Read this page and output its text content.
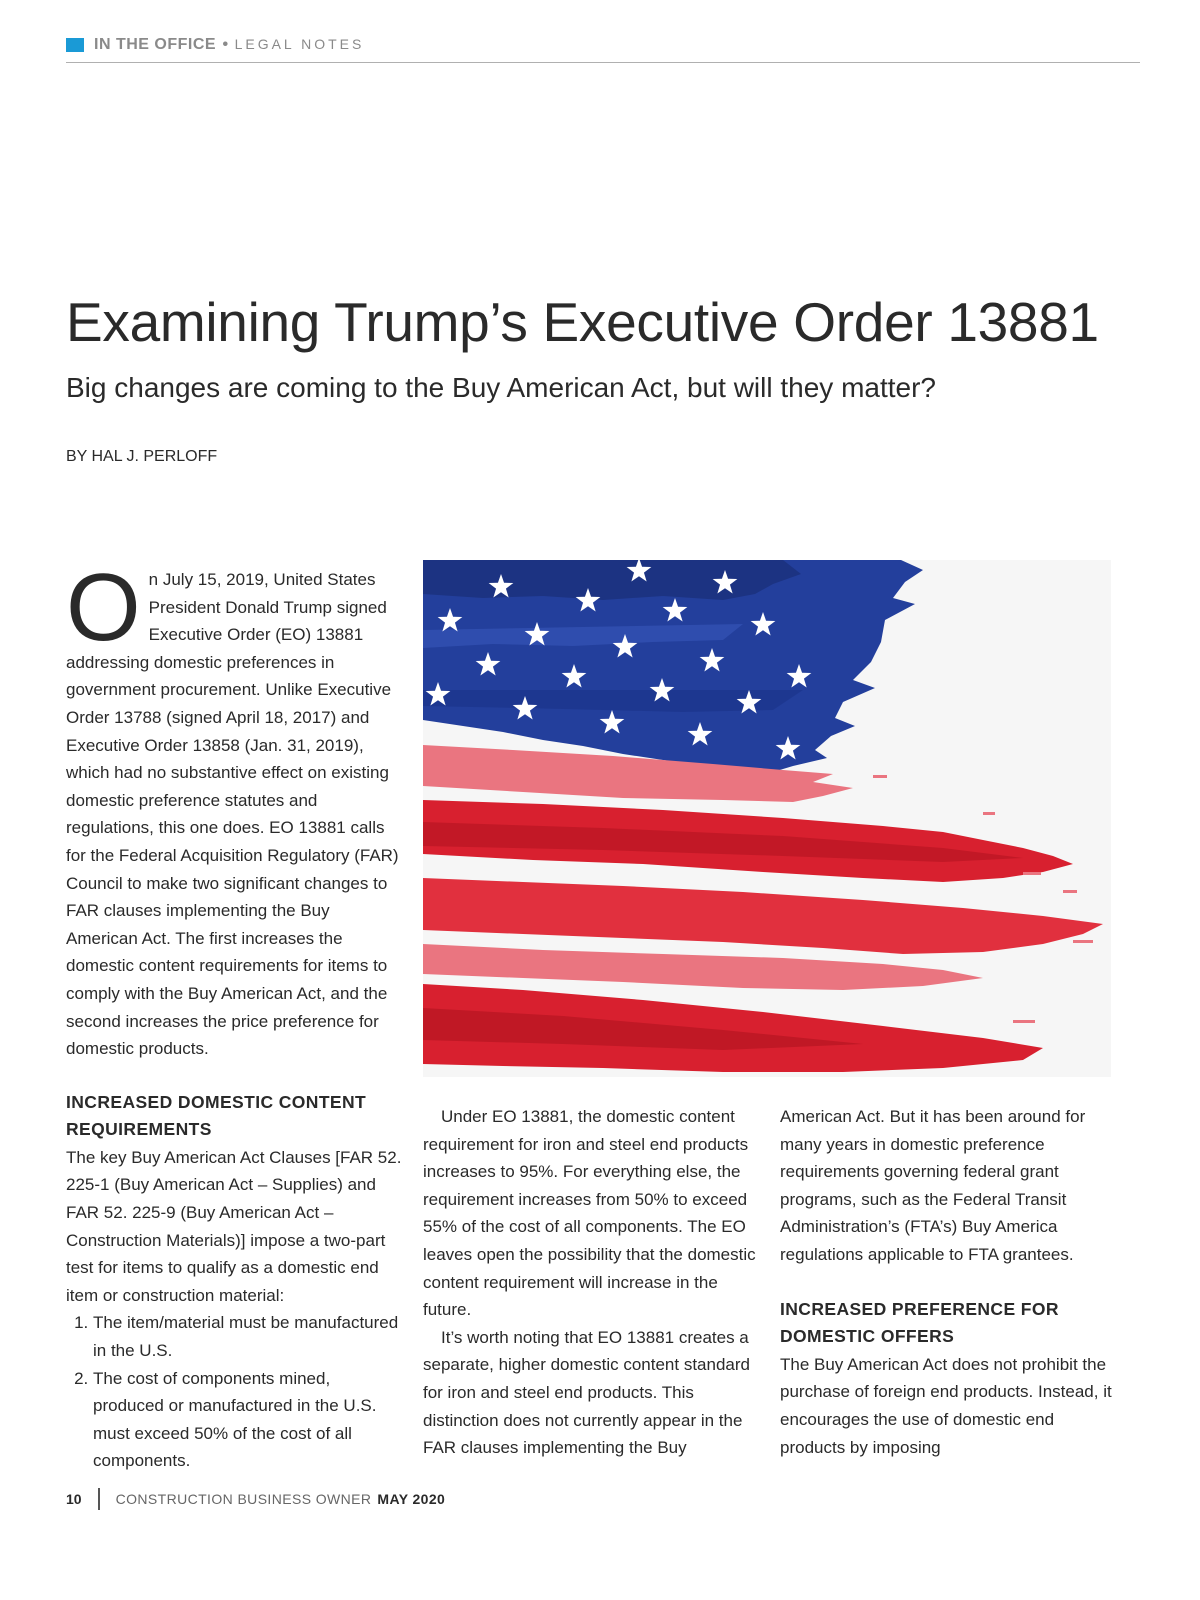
IN THE OFFICE • LEGAL NOTES
Examining Trump’s Executive Order 13881
Big changes are coming to the Buy American Act, but will they matter?
BY HAL J. PERLOFF

On July 15, 2019, United States President Donald Trump signed Executive Order (EO) 13881 addressing domestic preferences in government procurement. Unlike Executive Order 13788 (signed April 18, 2017) and Executive Order 13858 (Jan. 31, 2019), which had no substantive effect on existing domestic preference statutes and regulations, this one does. EO 13881 calls for the Federal Acquisition Regulatory (FAR) Council to make two significant changes to FAR clauses implementing the Buy American Act. The first increases the domestic content requirements for items to comply with the Buy American Act, and the second increases the price preference for domestic products.

INCREASED DOMESTIC CONTENT REQUIREMENTS

The key Buy American Act Clauses [FAR 52. 225-1 (Buy American Act – Supplies) and FAR 52. 225-9 (Buy American Act – Construction Materials)] impose a two-part test for items to qualify as a domestic end item or construction material:

1. The item/material must be manufactured in the U.S.
2. The cost of components mined, produced or manufactured in the U.S. must exceed 50% of the cost of all components.

Under EO 13881, the domestic content requirement for iron and steel end products increases to 95%. For everything else, the requirement increases from 50% to exceed 55% of the cost of all components. The EO leaves open the possibility that the domestic content requirement will increase in the future.

It’s worth noting that EO 13881 creates a separate, higher domestic content standard for iron and steel end products. This distinction does not currently appear in the FAR clauses implementing the Buy

American Act. But it has been around for many years in domestic preference requirements governing federal grant programs, such as the Federal Transit Administration’s (FTA’s) Buy America regulations applicable to FTA grantees.

INCREASED PREFERENCE FOR DOMESTIC OFFERS

The Buy American Act does not prohibit the purchase of foreign end products. Instead, it encourages the use of domestic end products by imposing

10 CONSTRUCTION BUSINESS OWNER MAY 2020
